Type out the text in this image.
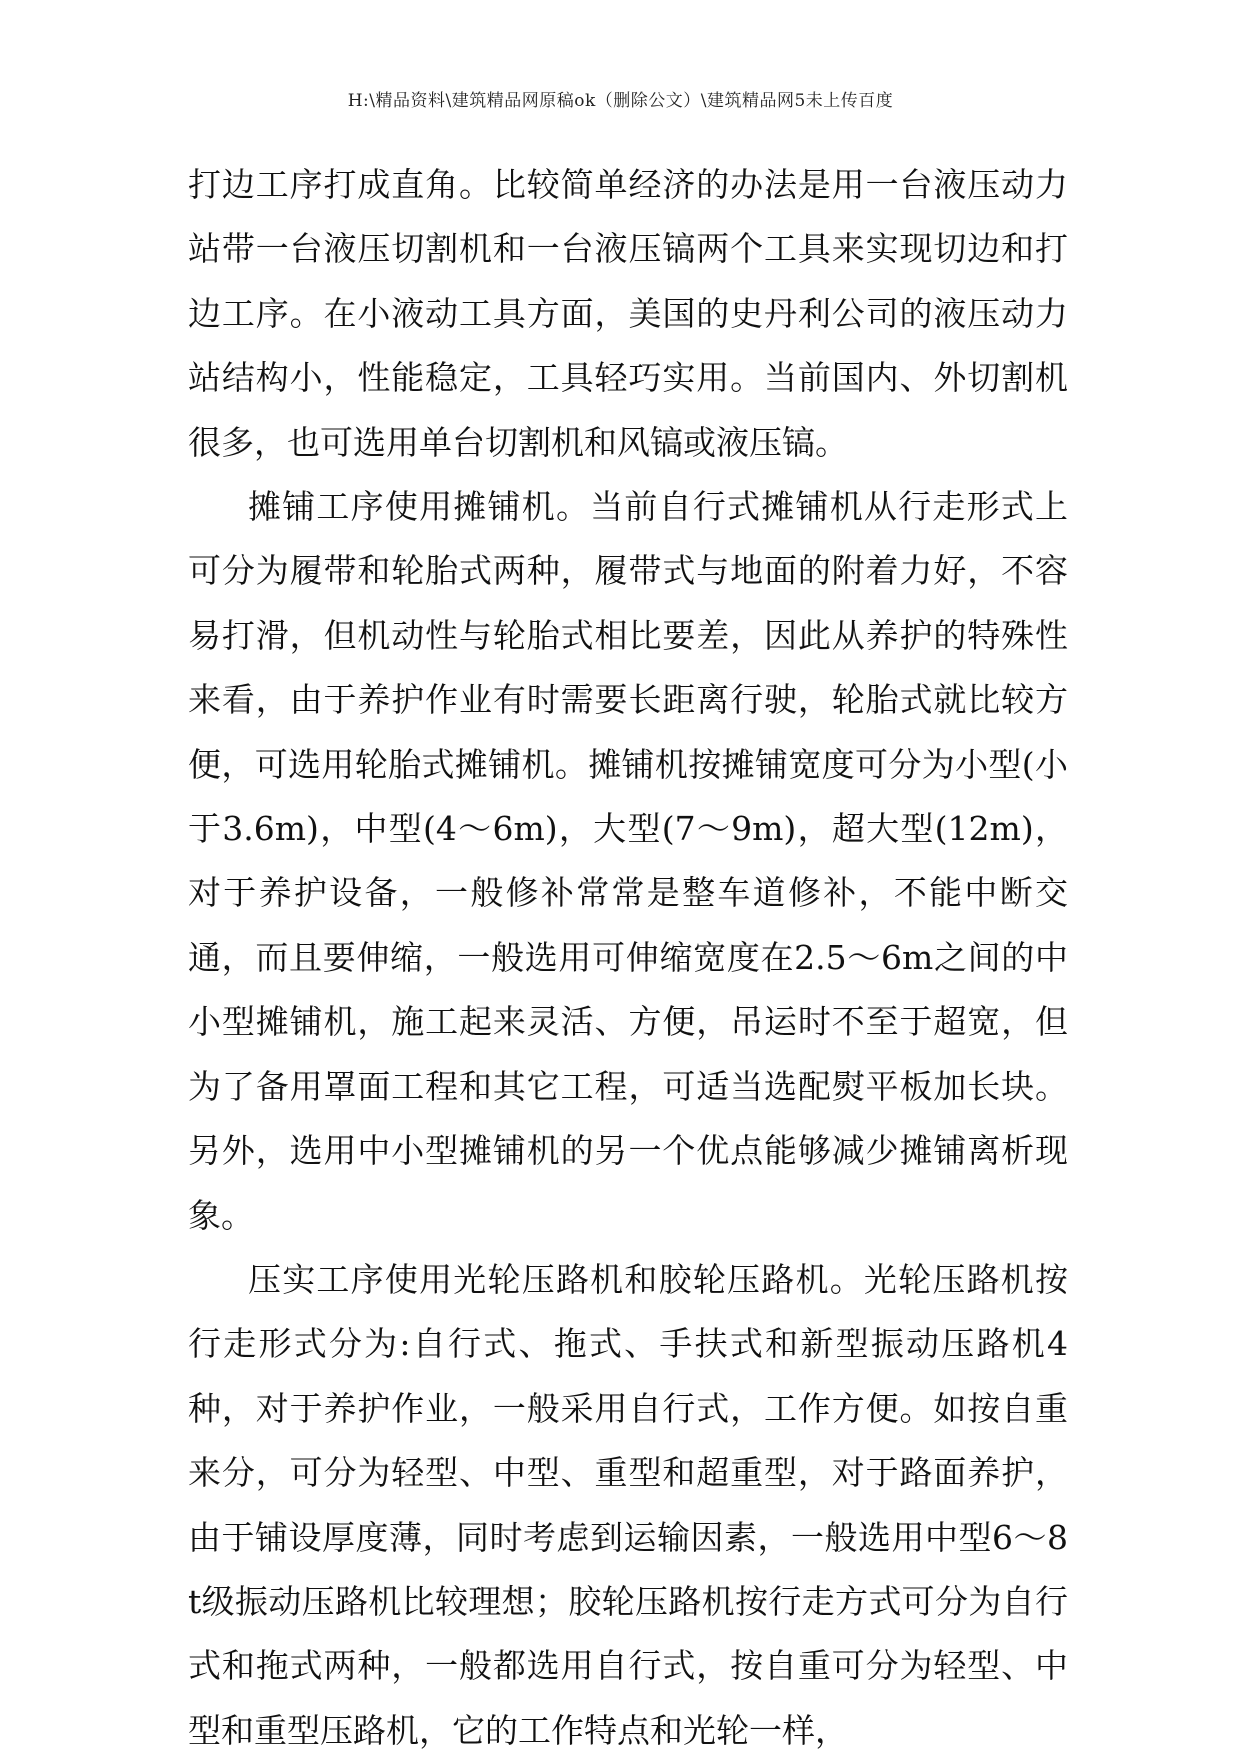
H:\精品资料\建筑精品网原稿ok（删除公文）\建筑精品网5未上传百度

打边工序打成直角。比较简单经济的办法是用一台液压动力站带一台液压切割机和一台液压镐两个工具来实现切边和打边工序。在小液动工具方面，美国的史丹利公司的液压动力站结构小，性能稳定，工具轻巧实用。当前国内、外切割机很多，也可选用单台切割机和风镐或液压镐。

摊铺工序使用摊铺机。当前自行式摊铺机从行走形式上可分为履带和轮胎式两种，履带式与地面的附着力好，不容易打滑，但机动性与轮胎式相比要差，因此从养护的特殊性来看，由于养护作业有时需要长距离行驶，轮胎式就比较方便，可选用轮胎式摊铺机。摊铺机按摊铺宽度可分为小型(小于3.6m)，中型(4～6m)，大型(7～9m)，超大型(12m)，对于养护设备，一般修补常常是整车道修补，不能中断交通，而且要伸缩，一般选用可伸缩宽度在2.5～6m之间的中小型摊铺机，施工起来灵活、方便，吊运时不至于超宽，但为了备用罩面工程和其它工程，可适当选配熨平板加长块。另外，选用中小型摊铺机的另一个优点能够减少摊铺离析现象。

压实工序使用光轮压路机和胶轮压路机。光轮压路机按行走形式分为:自行式、拖式、手扶式和新型振动压路机4种，对于养护作业，一般采用自行式，工作方便。如按自重来分，可分为轻型、中型、重型和超重型，对于路面养护，由于铺设厚度薄，同时考虑到运输因素，一般选用中型6～8t级振动压路机比较理想；胶轮压路机按行走方式可分为自行式和拖式两种，一般都选用自行式，按自重可分为轻型、中型和重型压路机，它的工作特点和光轮一样，
